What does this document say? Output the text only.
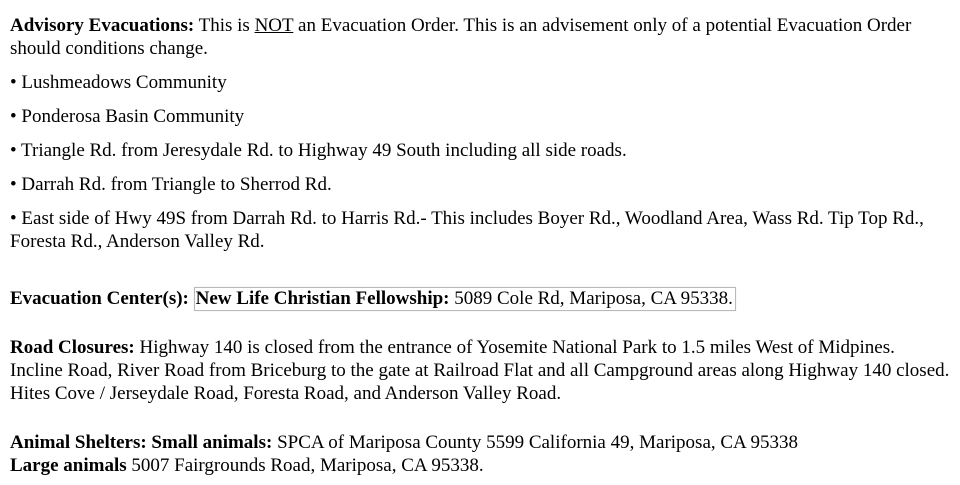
Advisory Evacuations: This is NOT an Evacuation Order. This is an advisement only of a potential Evacuation Order should conditions change.

• Lushmeadows Community

• Ponderosa Basin Community

• Triangle Rd. from Jeresydale Rd. to Highway 49 South including all side roads.

• Darrah Rd. from Triangle to Sherrod Rd.

• East side of Hwy 49S from Darrah Rd. to Harris Rd.- This includes Boyer Rd., Woodland Area, Wass Rd. Tip Top Rd., Foresta Rd., Anderson Valley Rd.

Evacuation Center(s): New Life Christian Fellowship: 5089 Cole Rd, Mariposa, CA 95338.

Road Closures: Highway 140 is closed from the entrance of Yosemite National Park to 1.5 miles West of Midpines. Incline Road, River Road from Briceburg to the gate at Railroad Flat and all Campground areas along Highway 140 closed. Hites Cove / Jerseydale Road, Foresta Road, and Anderson Valley Road.

Animal Shelters: Small animals: SPCA of Mariposa County 5599 California 49, Mariposa, CA 95338

Large animals 5007 Fairgrounds Road, Mariposa, CA 95338.
